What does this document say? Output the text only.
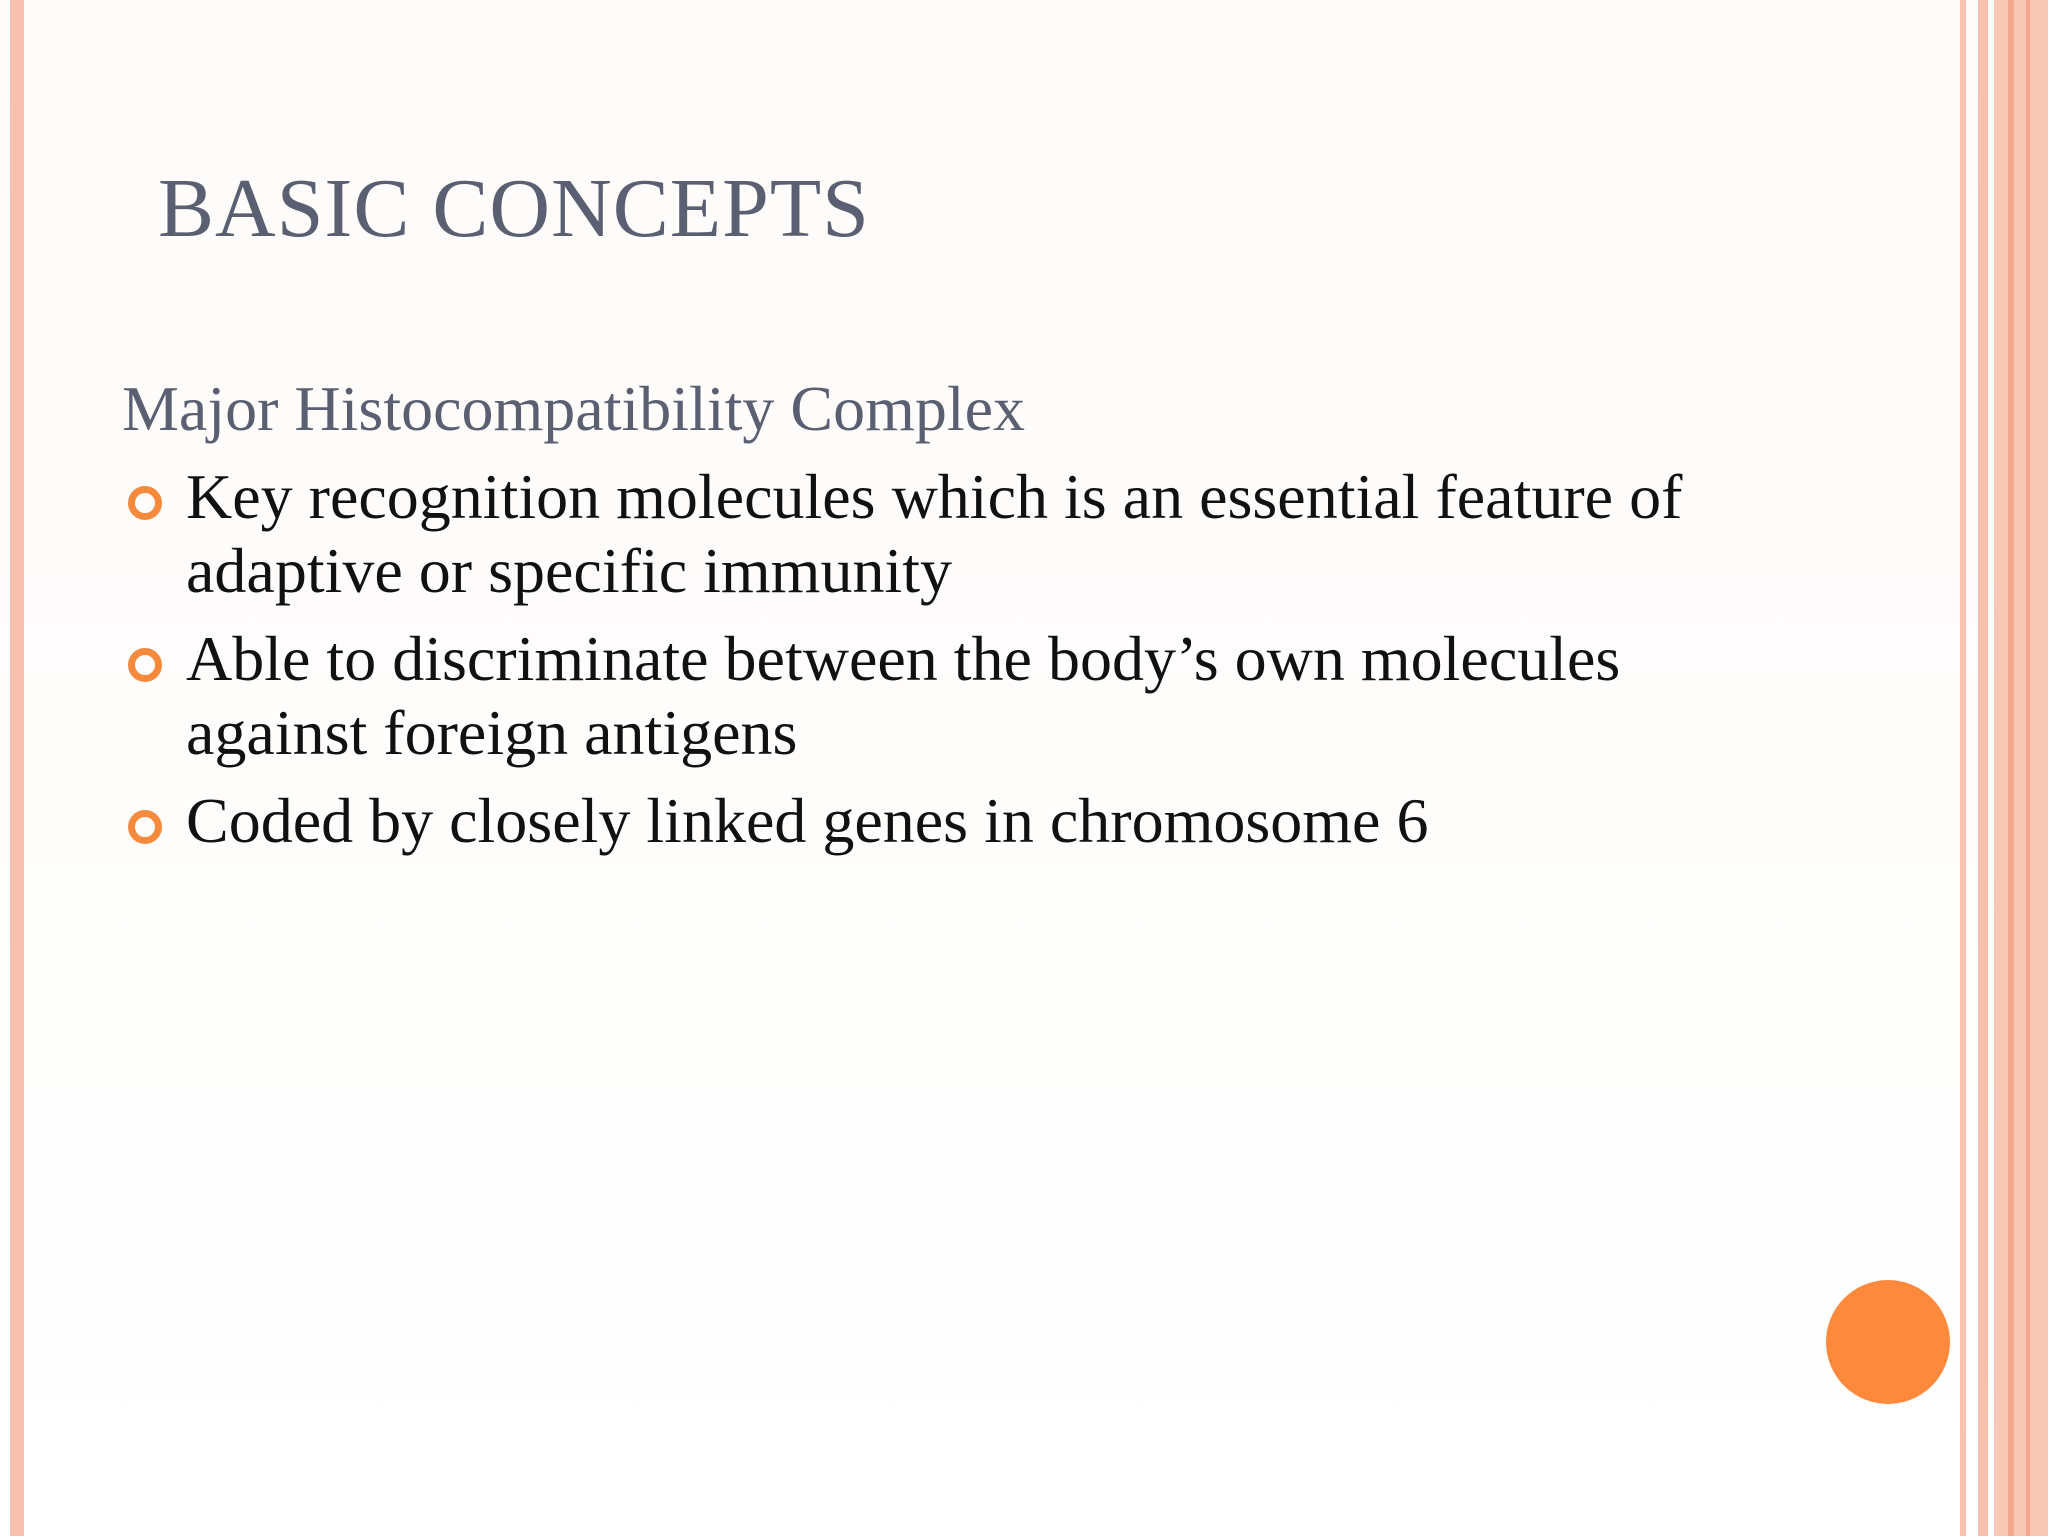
BASIC CONCEPTS
Major Histocompatibility Complex
Key recognition molecules which is an essential feature of adaptive or specific immunity
Able to discriminate between the body’s own molecules against foreign antigens
Coded by closely linked genes in chromosome 6
